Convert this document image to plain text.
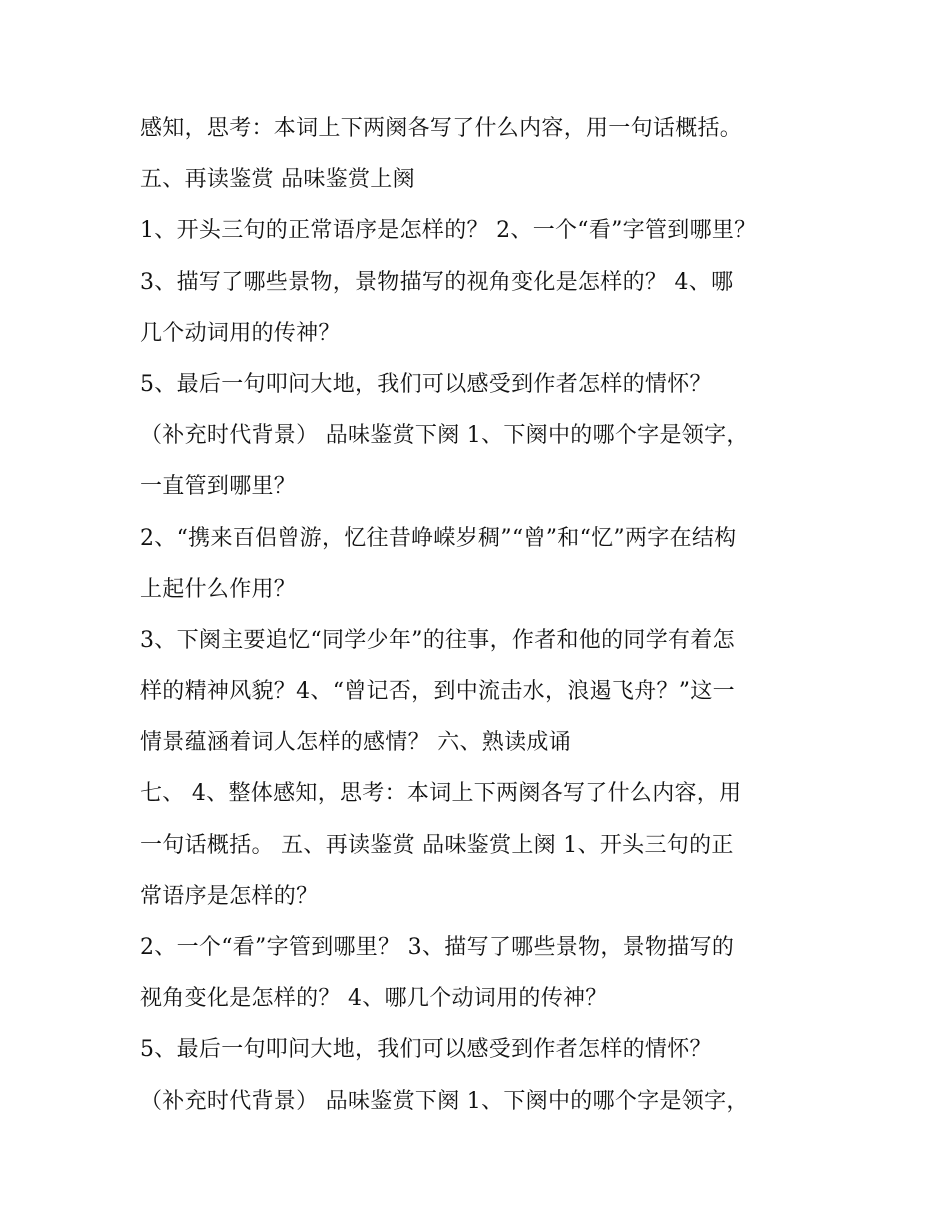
感知，思考：本词上下两阕各写了什么内容，用一句话概括。
五、再读鉴赏 品味鉴赏上阕
1、开头三句的正常语序是怎样的？ 2、一个“看”字管到哪里？
3、描写了哪些景物，景物描写的视角变化是怎样的？ 4、哪
几个动词用的传神？
5、最后一句叩问大地，我们可以感受到作者怎样的情怀？
（补充时代背景） 品味鉴赏下阕 1、下阕中的哪个字是领字，
一直管到哪里？
2、“携来百侣曾游，忆往昔峥嵘岁稠”“曾”和“忆”两字在结构
上起什么作用？
3、下阕主要追忆“同学少年”的往事，作者和他的同学有着怎
样的精神风貌？4、“曾记否，到中流击水，浪遏飞舟？”这一
情景蕴涵着词人怎样的感情？ 六、熟读成诵
七、 4、整体感知，思考：本词上下两阕各写了什么内容，用
一句话概括。 五、再读鉴赏 品味鉴赏上阕 1、开头三句的正
常语序是怎样的？
2、一个“看”字管到哪里？ 3、描写了哪些景物，景物描写的
视角变化是怎样的？ 4、哪几个动词用的传神？
5、最后一句叩问大地，我们可以感受到作者怎样的情怀？
（补充时代背景） 品味鉴赏下阕 1、下阕中的哪个字是领字，
